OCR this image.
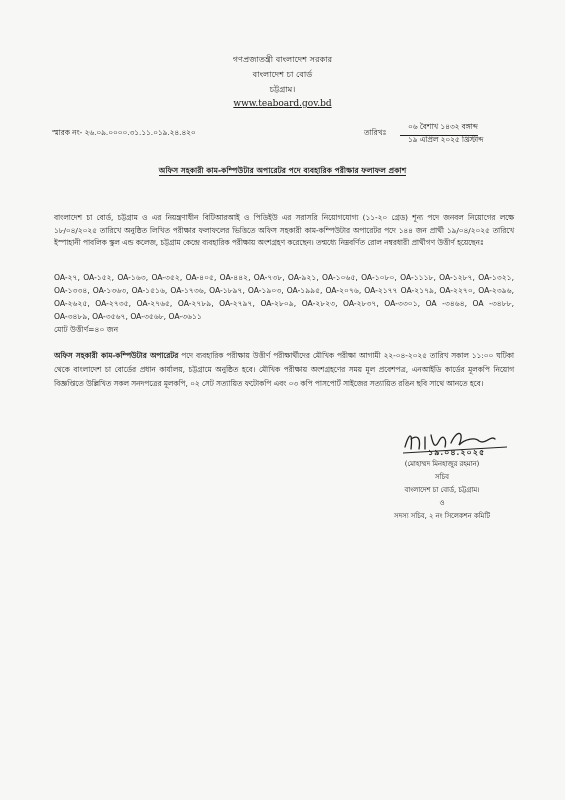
গণপ্রজাতন্ত্রী বাংলাদেশ সরকার
বাংলাদেশ চা বোর্ড
চট্টগ্রাম।
www.teaboard.gov.bd
স্মারক নং- ২৬.০৯.০০০০.৩১.১১.০১৯.২৪.৪২০	তারিখঃ
০৬ বৈশাখ ১৪৩২ বঙ্গাব্দ
১৯ এপ্রিল ২০২৫ খ্রিস্টাব্দ
অফিস সহকারী কাম-কম্পিউটার অপারেটর পদে ব্যবহারিক পরীক্ষার ফলাফল প্রকাশ
বাংলাদেশ চা বোর্ড, চট্টগ্রাম ও এর নিয়ন্ত্রণাধীন বিটিআরআই ও পিডিইউ এর সরাসরি নিয়োগযোগ্য (১১-২০ গ্রেড) শূন্য পদে জনবল নিয়োগের লক্ষে ১৮/০৪/২০২৫ তারিখে অনুষ্ঠিত লিখিত পরীক্ষার ফলাফলের ভিত্তিতে অফিস সহকারী কাম-কম্পিউটার অপারেটর পদে ১৪৪ জন প্রার্থী ১৯/০৪/২০২৫ তারিখে ইস্পাহানী পাবলিক স্কুল এন্ড কলেজ, চট্টগ্রাম কেন্দ্রে ব্যবহারিক পরীক্ষায় অংশগ্রহণ করেছেন। তন্মধ্যে নিম্নবর্ণিত রোল নম্বরধারী প্রার্থীগণ উত্তীর্ণ হয়েছেনঃ
OA-২৭, OA-১৫২, OA-১৬৩, OA-৩৫২, OA-৪০৫, OA-৪৪২, OA-৭৩৮, OA-৯২১, OA-১০৬৫, OA-১০৮০, OA-১১১৮, OA-১২৮৭, OA-১৩২১, OA-১৩৩৪, OA-১৩৬৩, OA-১৫১৬, OA-১৭৩৬, OA-১৮৯৭, OA-১৯০৩, OA-১৯৯৫, OA-২০৭৬, OA-২১৭৭ OA-২১৭৯, OA-২২৭০, OA-২৩৯৬, OA-২৬২৫, OA-২৭৩৫, OA-২৭৬৫, OA-২৭৮৯, OA-২৭৯৭, OA-২৮০৯, OA-২৮২৩, OA-২৮৩৭, OA-৩৩০১, OA -৩৪৬৪, OA -৩৪৮৮, OA-৩৪৮৯, OA-৩৫৬৭, OA-৩৫৬৮, OA-৩৬১১
মোট উত্তীর্ণ=৪০ জন
অফিস সহকারী কাম-কম্পিউটার অপারেটর পদে ব্যবহারিক পরীক্ষায় উত্তীর্ণ পরীক্ষার্থীদের মৌখিক পরীক্ষা আগামী ২২-০৪-২০২৫ তারিখ সকাল ১১:০০ ঘটিকা থেকে বাংলাদেশ চা বোর্ডের প্রধান কার্যালয়, চট্টগ্রামে অনুষ্ঠিত হবে। মৌখিক পরীক্ষায় অংশগ্রহণের সময় মূল প্রবেশপত্র, এনআইডি কার্ডের মূলকপি নিয়োগ বিজ্ঞপ্তিতে উল্লিখিত সকল সনদপত্রের মূলকপি, ০২ সেট সত্যায়িত ফটোকপি এবং ০৩ কপি পাসপোর্ট সাইজের সত্যায়িত রঙিন ছবি সাথে আনতে হবে।
১৯.০৪.২০২৫
(মোহাম্মদ মিনহাজুর রহমান)
সচিব
বাংলাদেশ চা বোর্ড, চট্টগ্রাম।
ও
সদস্য সচিব, ২ নং সিলেকশন কমিটি
